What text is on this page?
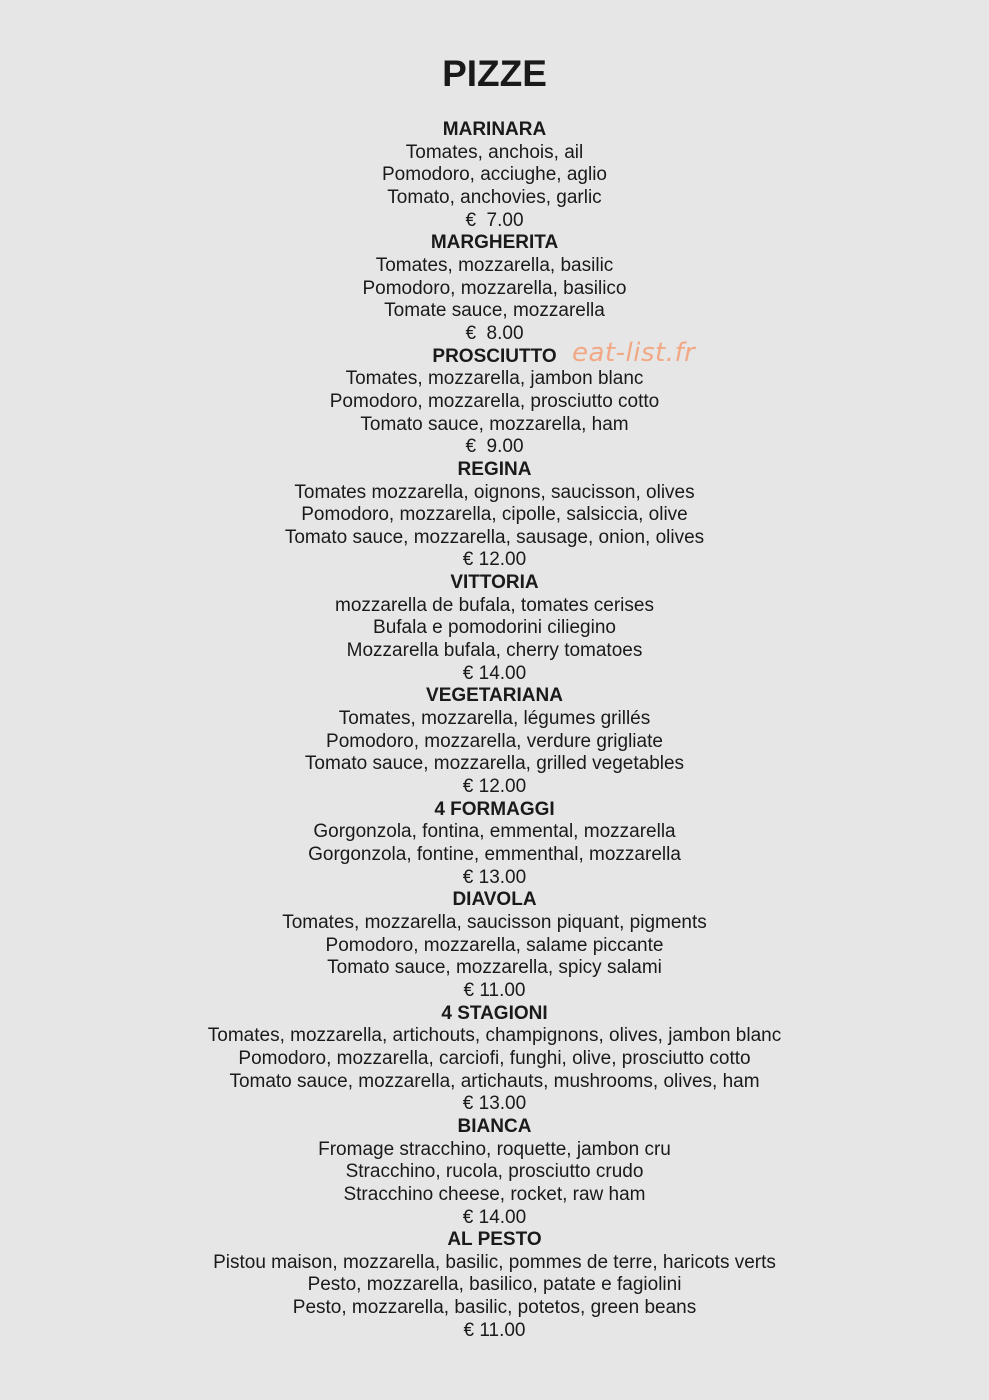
PIZZE
MARINARA
Tomates, anchois, ail
Pomodoro, acciughe, aglio
Tomato, anchovies, garlic
€  7.00
MARGHERITA
Tomates, mozzarella, basilic
Pomodoro, mozzarella, basilico
Tomate sauce, mozzarella
€  8.00
PROSCIUTTO
Tomates, mozzarella, jambon blanc
Pomodoro, mozzarella, prosciutto cotto
Tomato sauce, mozzarella, ham
€  9.00
REGINA
Tomates mozzarella, oignons, saucisson, olives
Pomodoro, mozzarella, cipolle, salsiccia, olive
Tomato sauce, mozzarella, sausage, onion, olives
€ 12.00
VITTORIA
mozzarella de bufala, tomates cerises
Bufala e pomodorini ciliegino
Mozzarella bufala, cherry tomatoes
€ 14.00
VEGETARIANA
Tomates, mozzarella, légumes grillés
Pomodoro, mozzarella, verdure grigliate
Tomato sauce, mozzarella, grilled vegetables
€ 12.00
4 FORMAGGI
Gorgonzola, fontina, emmental, mozzarella
Gorgonzola, fontine, emmenthal, mozzarella
€ 13.00
DIAVOLA
Tomates, mozzarella, saucisson piquant, pigments
Pomodoro, mozzarella, salame piccante
Tomato sauce, mozzarella, spicy salami
€ 11.00
4 STAGIONI
Tomates, mozzarella, artichouts, champignons, olives, jambon blanc
Pomodoro, mozzarella, carciofi, funghi, olive, prosciutto cotto
Tomato sauce, mozzarella, artichauts, mushrooms, olives, ham
€ 13.00
BIANCA
Fromage stracchino, roquette, jambon cru
Stracchino, rucola, prosciutto crudo
Stracchino cheese, rocket, raw ham
€ 14.00
AL PESTO
Pistou maison, mozzarella, basilic, pommes de terre, haricots verts
Pesto, mozzarella, basilico, patate e fagiolini
Pesto, mozzarella, basilic, potetos, green beans
€ 11.00
eat-list.fr
